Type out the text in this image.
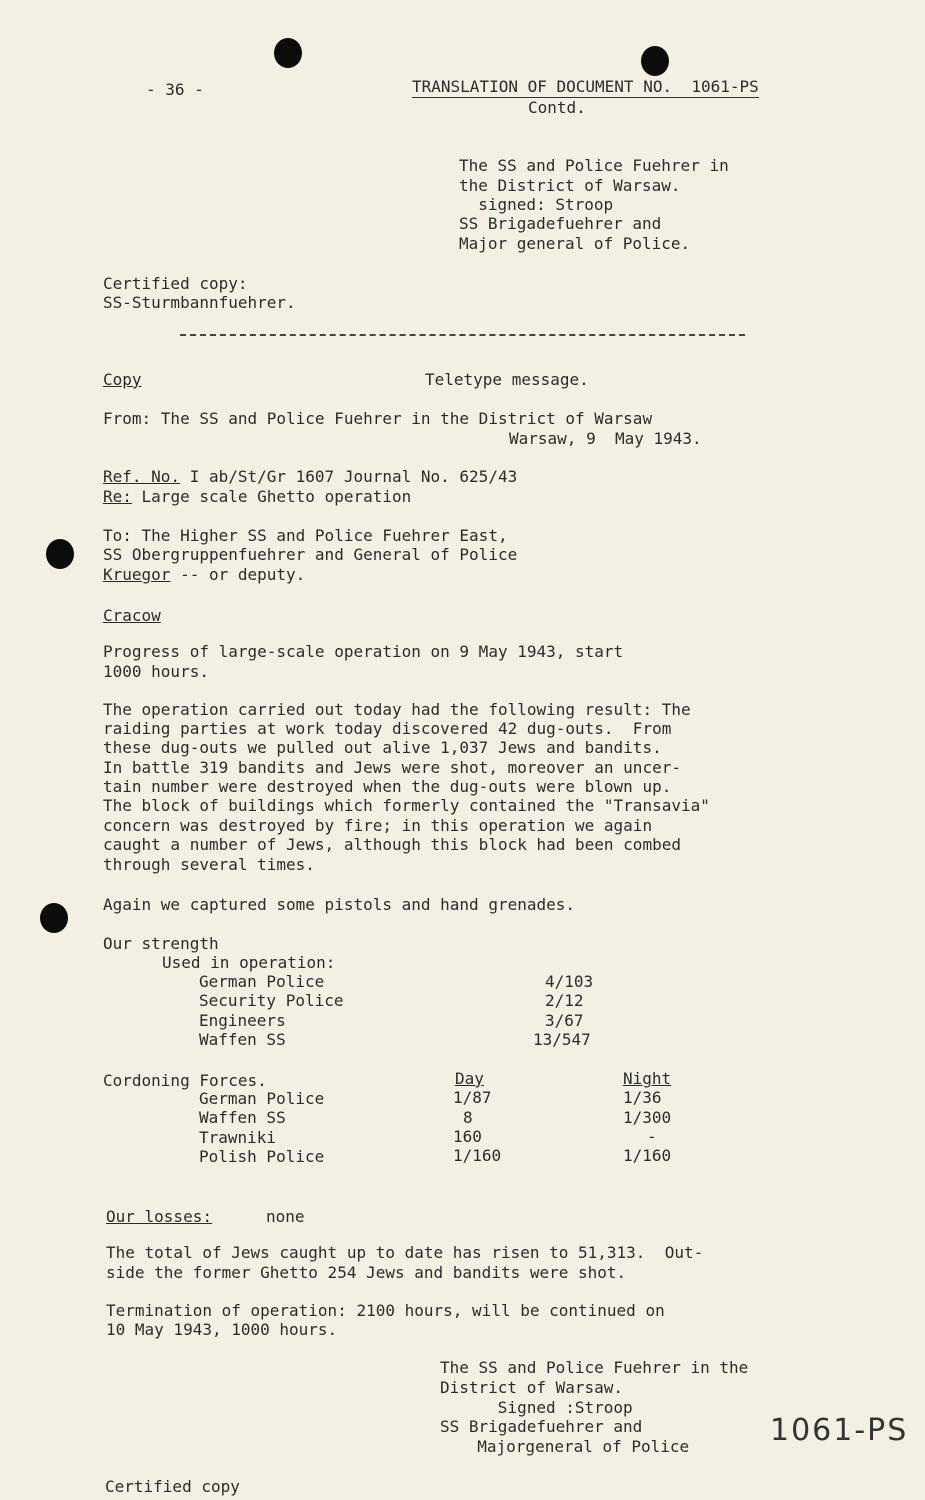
- 36 -	TRANSLATION OF DOCUMENT NO.  1061-PS
Contd.
The SS and Police Fuehrer in
the District of Warsaw.
signed: Stroop
SS Brigadefuehrer and
Major general of Police.
Certified copy:
SS-Sturmbannfuehrer.
Copy	Teletype message.
From: The SS and Police Fuehrer in the District of Warsaw
Warsaw, 9  May 1943.
Ref. No. I ab/St/Gr 1607 Journal No. 625/43
Re: Large scale Ghetto operation
To: The Higher SS and Police Fuehrer East,
SS Obergruppenfuehrer and General of Police
Kruegor -- or deputy.
Cracow
Progress of large-scale operation on 9 May 1943, start
1000 hours.
The operation carried out today had the following result: The
raiding parties at work today discovered 42 dug-outs.  From
these dug-outs we pulled out alive 1,037 Jews and bandits.
In battle 319 bandits and Jews were shot, moreover an uncer-
tain number were destroyed when the dug-outs were blown up.
The block of buildings which formerly contained the "Transavia"
concern was destroyed by fire; in this operation we again
caught a number of Jews, although this block had been combed
through several times.
Again we captured some pistols and hand grenades.
Our strength
Used in operation:
German Police	4/103
Security Police	2/12
Engineers	3/67
Waffen SS	13/547
Cordoning Forces.	Day	Night
German Police	1/87	1/36
Waffen SS	8	1/300
Trawniki	160	-
Polish Police	1/160	1/160
Our losses:	none
The total of Jews caught up to date has risen to 51,313.  Out-
side the former Ghetto 254 Jews and bandits were shot.
Termination of operation: 2100 hours, will be continued on
10 May 1943, 1000 hours.
The SS and Police Fuehrer in the
District of Warsaw.
Signed :Stroop
SS Brigadefuehrer and
Majorgeneral of Police	1061-PS
Certified copy
